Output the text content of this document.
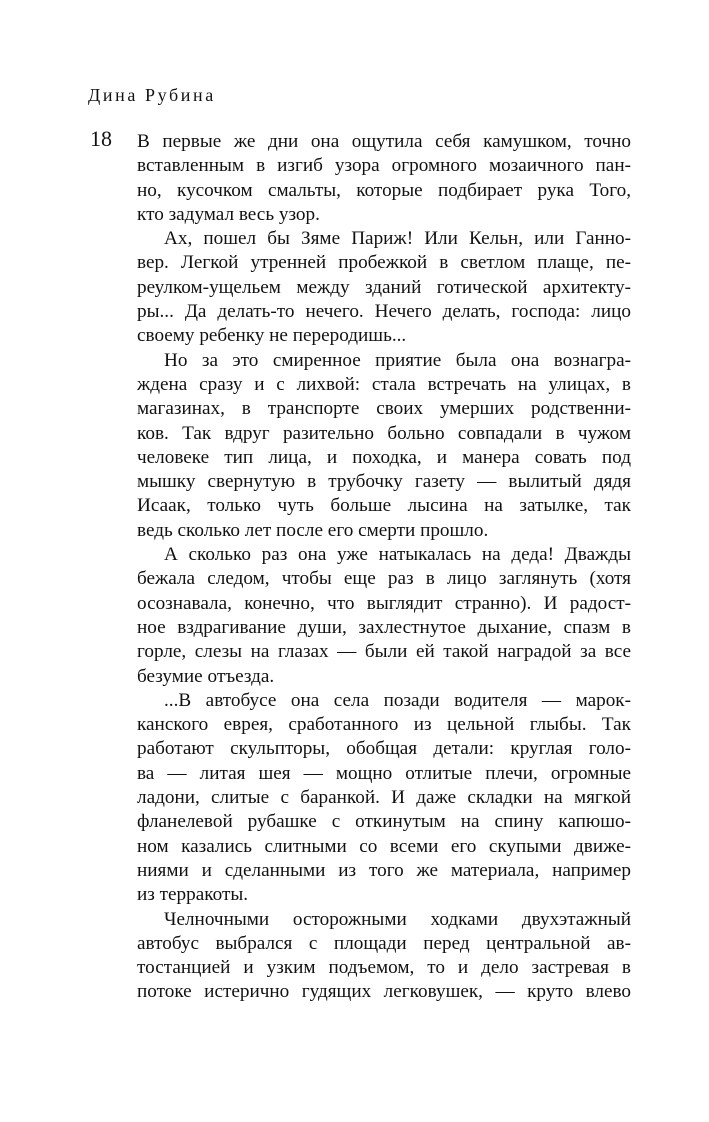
Дина Рубина
18 В первые же дни она ощутила себя камушком, точно
вставленным в изгиб узора огромного мозаичного пан-
но, кусочком смальты, которые подбирает рука Того,
кто задумал весь узор.
Ах, пошел бы Зяме Париж! Или Кельн, или Ганно-
вер. Легкой утренней пробежкой в светлом плаще, пе-
реулком-ущельем между зданий готической архитекту-
ры... Да делать-то нечего. Нечего делать, господа: лицо
своему ребенку не переродишь...
Но за это смиренное приятие была она вознагра-
ждена сразу и с лихвой: стала встречать на улицах, в
магазинах, в транспорте своих умерших родственни-
ков. Так вдруг разительно больно совпадали в чужом
человеке тип лица, и походка, и манера совать под
мышку свернутую в трубочку газету — вылитый дядя
Исаак, только чуть больше лысина на затылке, так
ведь сколько лет после его смерти прошло.
А сколько раз она уже натыкалась на деда! Дважды
бежала следом, чтобы еще раз в лицо заглянуть (хотя
осознавала, конечно, что выглядит странно). И радост-
ное вздрагивание души, захлестнутое дыхание, спазм в
горле, слезы на глазах — были ей такой наградой за все
безумие отъезда.
...В автобусе она села позади водителя — марок-
канского еврея, сработанного из цельной глыбы. Так
работают скульпторы, обобщая детали: круглая голо-
ва — литая шея — мощно отлитые плечи, огромные
ладони, слитые с баранкой. И даже складки на мягкой
фланелевой рубашке с откинутым на спину капюшо-
ном казались слитными со всеми его скупыми движе-
ниями и сделанными из того же материала, например
из терракоты.
Челночными осторожными ходками двухэтажный
автобус выбрался с площади перед центральной ав-
тостанцией и узким подъемом, то и дело застревая в
потоке истерично гудящих легковушек, — круто влево
